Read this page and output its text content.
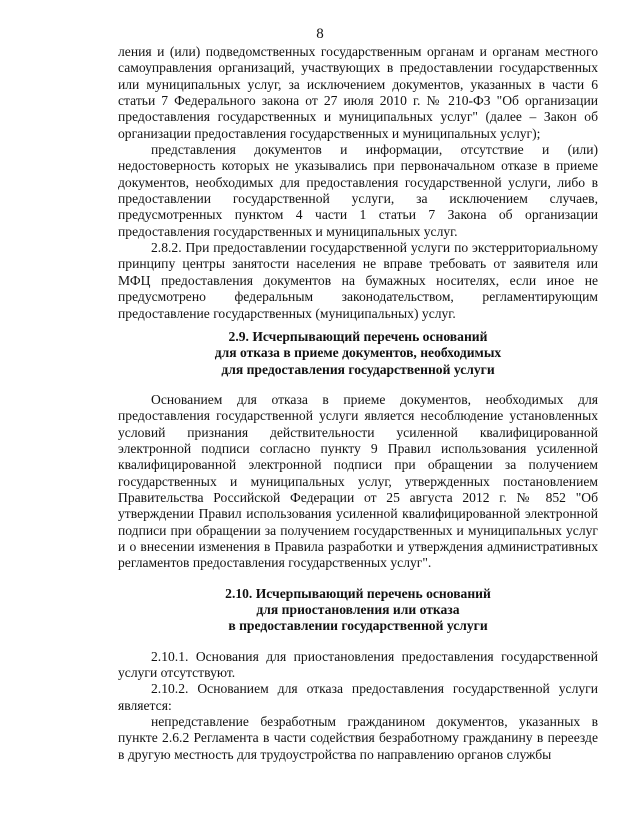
8

ления и (или) подведомственных государственным органам и органам местного самоуправления организаций, участвующих в предоставлении государственных или муниципальных услуг, за исключением документов, указанных в части 6 статьи 7 Федерального закона от 27 июля 2010 г. № 210-ФЗ "Об организации предоставления государственных и муниципальных услуг" (далее – Закон об организации предоставления государственных и муниципальных услуг);

представления документов и информации, отсутствие и (или) недостоверность которых не указывались при первоначальном отказе в приеме документов, необходимых для предоставления государственной услуги, либо в предоставлении государственной услуги, за исключением случаев, предусмотренных пунктом 4 части 1 статьи 7 Закона об организации предоставления государственных и муниципальных услуг.

2.8.2. При предоставлении государственной услуги по экстерриториальному принципу центры занятости населения не вправе требовать от заявителя или МФЦ предоставления документов на бумажных носителях, если иное не предусмотрено федеральным законодательством, регламентирующим предоставление государственных (муниципальных) услуг.

2.9. Исчерпывающий перечень оснований

для отказа в приеме документов, необходимых

для предоставления государственной услуги

Основанием для отказа в приеме документов, необходимых для предоставления государственной услуги является несоблюдение установленных условий признания действительности усиленной квалифицированной электронной подписи согласно пункту 9 Правил использования усиленной квалифицированной электронной подписи при обращении за получением государственных и муниципальных услуг, утвержденных постановлением Правительства Российской Федерации от 25 августа 2012 г. № 852 "Об утверждении Правил использования усиленной квалифицированной электронной подписи при обращении за получением государственных и муниципальных услуг и о внесении изменения в Правила разработки и утверждения административных регламентов предоставления государственных услуг".

2.10. Исчерпывающий перечень оснований

для приостановления или отказа

в предоставлении государственной услуги

2.10.1. Основания для приостановления предоставления государственной услуги отсутствуют.

2.10.2. Основанием для отказа предоставления государственной услуги является:

непредставление безработным гражданином документов, указанных в пункте 2.6.2 Регламента в части содействия безработному гражданину в переезде в другую местность для трудоустройства по направлению органов службы
